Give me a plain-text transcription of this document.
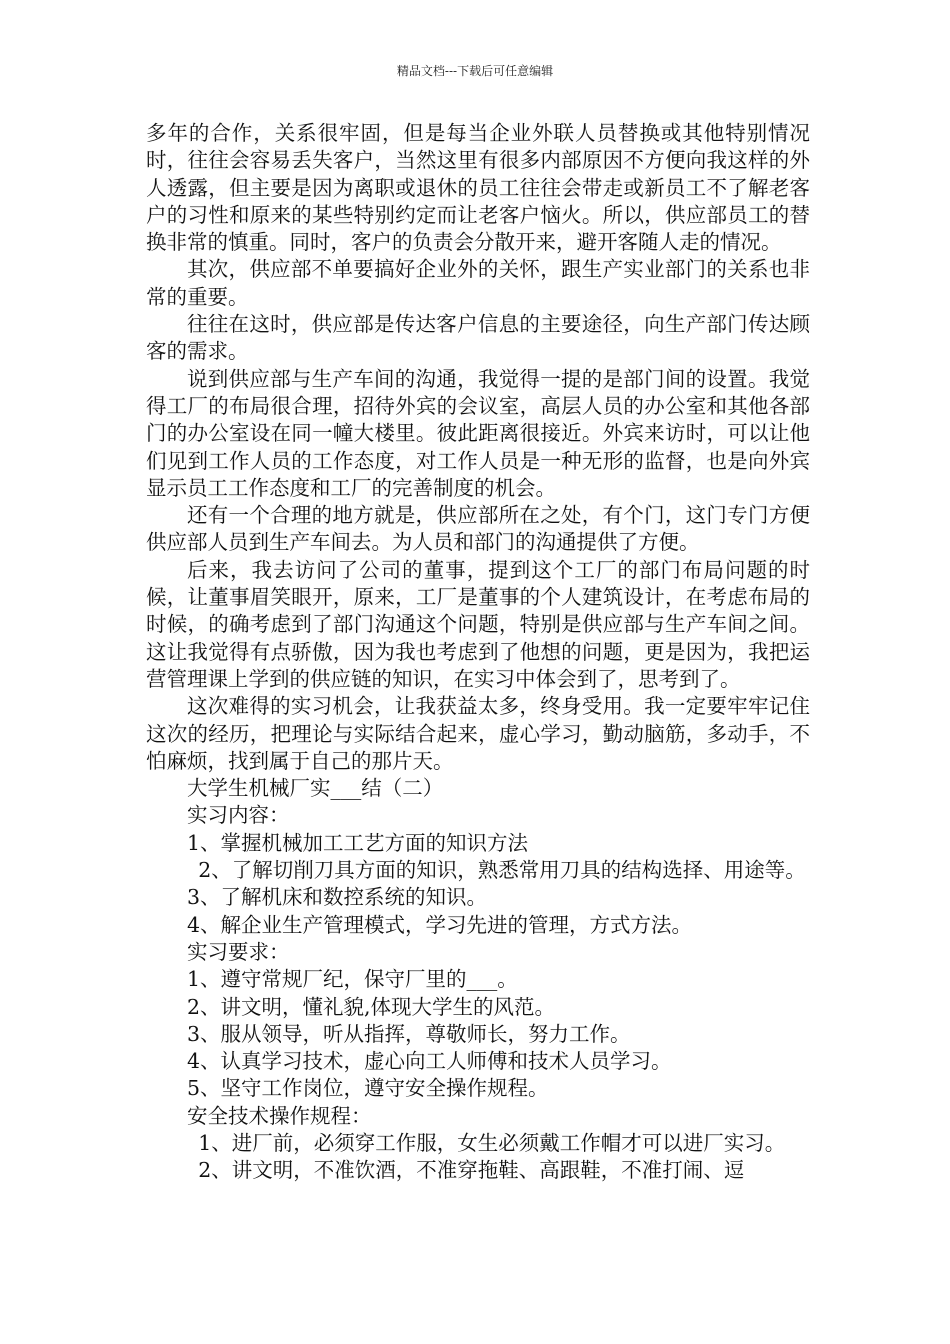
精品文档---下载后可任意编辑

多年的合作，关系很牢固，但是每当企业外联人员替换或其他特别情况时，往往会容易丢失客户，当然这里有很多内部原因不方便向我这样的外人透露，但主要是因为离职或退休的员工往往会带走或新员工不了解老客户的习性和原来的某些特别约定而让老客户恼火。所以，供应部员工的替换非常的慎重。同时，客户的负责会分散开来，避开客随人走的情况。

其次，供应部不单要搞好企业外的关怀，跟生产实业部门的关系也非常的重要。

往往在这时，供应部是传达客户信息的主要途径，向生产部门传达顾客的需求。

说到供应部与生产车间的沟通，我觉得一提的是部门间的设置。我觉得工厂的布局很合理，招待外宾的会议室，高层人员的办公室和其他各部门的办公室设在同一幢大楼里。彼此距离很接近。外宾来访时，可以让他们见到工作人员的工作态度，对工作人员是一种无形的监督，也是向外宾显示员工工作态度和工厂的完善制度的机会。

还有一个合理的地方就是，供应部所在之处，有个门，这门专门方便供应部人员到生产车间去。为人员和部门的沟通提供了方便。

后来，我去访问了公司的董事，提到这个工厂的部门布局问题的时候，让董事眉笑眼开，原来，工厂是董事的个人建筑设计，在考虑布局的时候，的确考虑到了部门沟通这个问题，特别是供应部与生产车间之间。这让我觉得有点骄傲，因为我也考虑到了他想的问题，更是因为，我把运营管理课上学到的供应链的知识，在实习中体会到了，思考到了。

这次难得的实习机会，让我获益太多，终身受用。我一定要牢牢记住这次的经历，把理论与实际结合起来，虚心学习，勤动脑筋，多动手，不怕麻烦，找到属于自己的那片天。

大学生机械厂实___结（二）

实习内容：

1、掌握机械加工工艺方面的知识方法

2、了解切削刀具方面的知识，熟悉常用刀具的结构选择、用途等。

3、了解机床和数控系统的知识。

4、解企业生产管理模式，学习先进的管理，方式方法。

实习要求：

1、遵守常规厂纪，保守厂里的___。

2、讲文明，懂礼貌,体现大学生的风范。

3、服从领导，听从指挥，尊敬师长，努力工作。

4、认真学习技术，虚心向工人师傅和技术人员学习。

5、坚守工作岗位，遵守安全操作规程。

安全技术操作规程：

1、进厂前，必须穿工作服，女生必须戴工作帽才可以进厂实习。

2、讲文明，不准饮酒，不准穿拖鞋、高跟鞋，不准打闹、逗
